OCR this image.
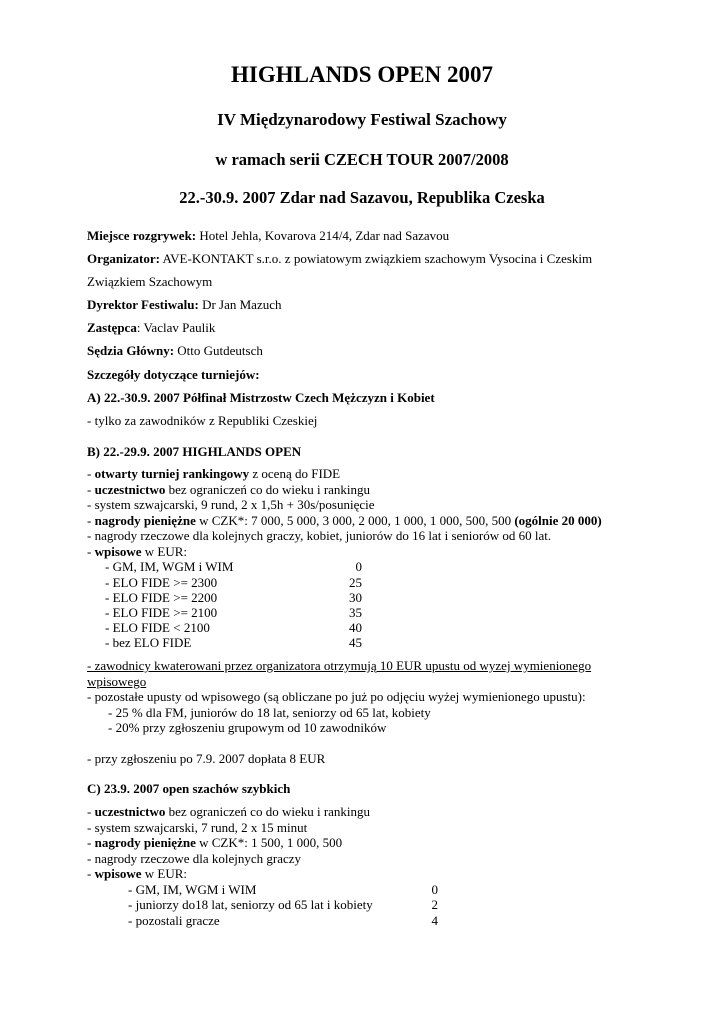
HIGHLANDS OPEN 2007
IV Międzynarodowy Festiwal Szachowy
w ramach serii CZECH TOUR 2007/2008
22.-30.9. 2007 Zdar nad Sazavou, Republika Czeska
Miejsce rozgrywek: Hotel Jehla, Kovarova 214/4, Zdar nad Sazavou
Organizator: AVE-KONTAKT s.r.o. z powiatowym związkiem szachowym Vysocina i Czeskim
Związkiem Szachowym
Dyrektor Festiwalu: Dr Jan Mazuch
Zastępca: Vaclav Paulik
Sędzia Główny: Otto Gutdeutsch
Szczegóły dotyczące turniejów:
A) 22.-30.9. 2007 Półfinał Mistrzostw Czech Mężczyzn i Kobiet
- tylko za zawodników z Republiki Czeskiej
B) 22.-29.9. 2007 HIGHLANDS OPEN
- otwarty turniej rankingowy z oceną do FIDE
- uczestnictwo bez ograniczeń co do wieku i rankingu
- system szwajcarski, 9 rund, 2 x 1,5h + 30s/posunięcie
- nagrody pieniężne w CZK*: 7 000, 5 000, 3 000, 2 000, 1 000, 1 000, 500, 500 (ogólnie 20 000)
- nagrody rzeczowe dla kolejnych graczy, kobiet, juniorów do 16 lat i seniorów od 60 lat.
- wpisowe w EUR:
- GM, IM, WGM i WIM	0
- ELO FIDE >= 2300	25
- ELO FIDE >= 2200	30
- ELO FIDE >= 2100	35
- ELO FIDE < 2100	40
- bez ELO FIDE	45
- zawodnicy kwaterowani przez organizatora otrzymują 10 EUR upustu od wyzej wymienionego
wpisowego
- pozostałe upusty od wpisowego (są obliczane po już po odjęciu wyżej wymienionego upustu):
- 25 % dla FM, juniorów do 18 lat, seniorzy od 65 lat, kobiety
- 20% przy zgłoszeniu grupowym od 10 zawodników
- przy zgłoszeniu po 7.9. 2007 dopłata 8 EUR
C) 23.9. 2007 open szachów szybkich
- uczestnictwo bez ograniczeń co do wieku i rankingu
- system szwajcarski, 7 rund, 2 x 15 minut
- nagrody pieniężne w CZK*: 1 500, 1 000, 500
- nagrody rzeczowe dla kolejnych graczy
- wpisowe w EUR:
- GM, IM, WGM i WIM	0
- juniorzy do18 lat, seniorzy od 65 lat i kobiety	2
- pozostali gracze	4
